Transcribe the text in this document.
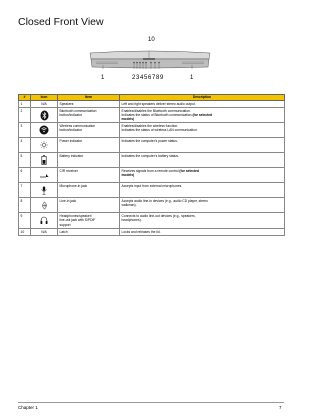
Closed Front View
10
1	2 3 4 5 6 7 8 9	1
#	Icon	Item	Description
1	N/A	Speakers	Left and right speakers deliver stereo audio output.

2		Bluetooth communication
button/indicator	Enables/disables the Bluetooth communication.
Indicates the status of Bluetooth communication (for selected
models)

3		Wireless communication
button/indicator	Enables/disables the wireless function.
Indicates the status of wireless LAN communication.

4		Power indicator	Indicates the computer’s power status.

5		Battery indicator	Indicates the computer’s battery status.

6		CIR receiver	Receives signals from a remote control (for selected
models)

7		Microphone-in jack	Accepts input from external microphones.

8		Line-in jack	Accepts audio line-in devices (e.g., audio CD player, stereo
walkman).

9		Headphones/speaker/
line-out jack with S/PDIF
support	Connects to audio line-out devices (e.g., speakers,
headphones).

10	N/A	Latch	Locks and releases the lid.
Chapter 1	7
